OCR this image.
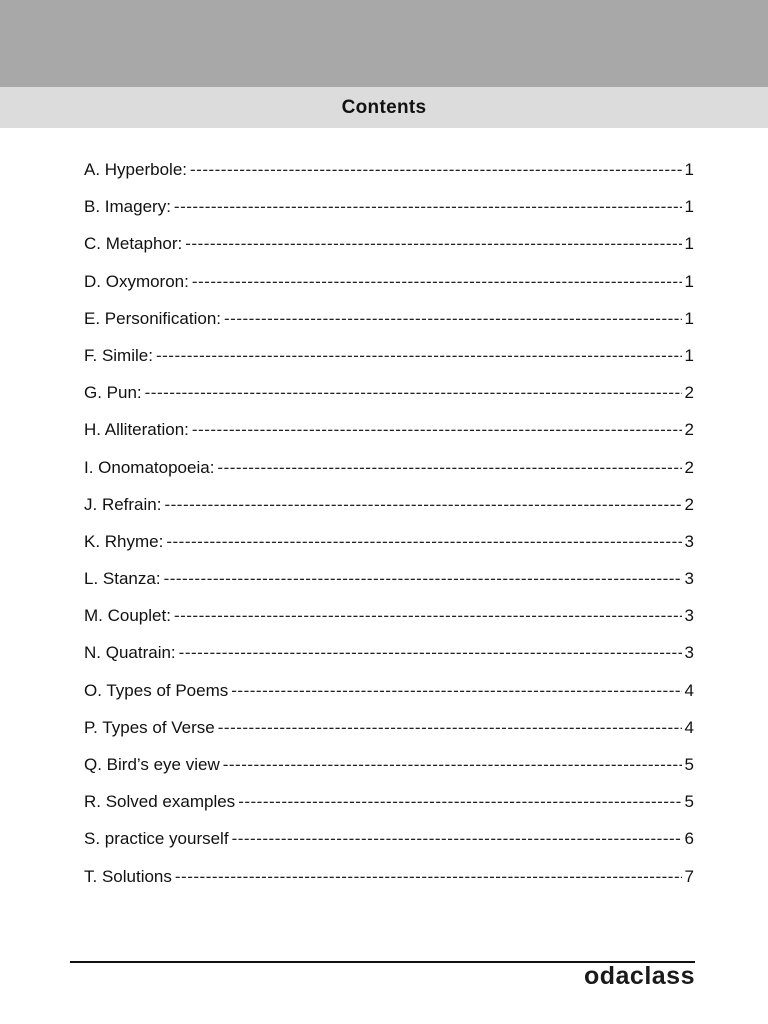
Contents
A. Hyperbole: -----	1
B. Imagery: -----	1
C. Metaphor: -----	1
D. Oxymoron: -----	1
E. Personification: -----	1
F. Simile: -----	1
G. Pun: -----	2
H. Alliteration: -----	2
I. Onomatopoeia: -----	2
J. Refrain: -----	2
K. Rhyme: -----	3
L. Stanza: -----	3
M. Couplet: -----	3
N. Quatrain: -----	3
O. Types of Poems -----	4
P. Types of Verse -----	4
Q. Bird’s eye view -----	5
R. Solved examples -----	5
S. practice yourself -----	6
T. Solutions -----	7
odaclass
